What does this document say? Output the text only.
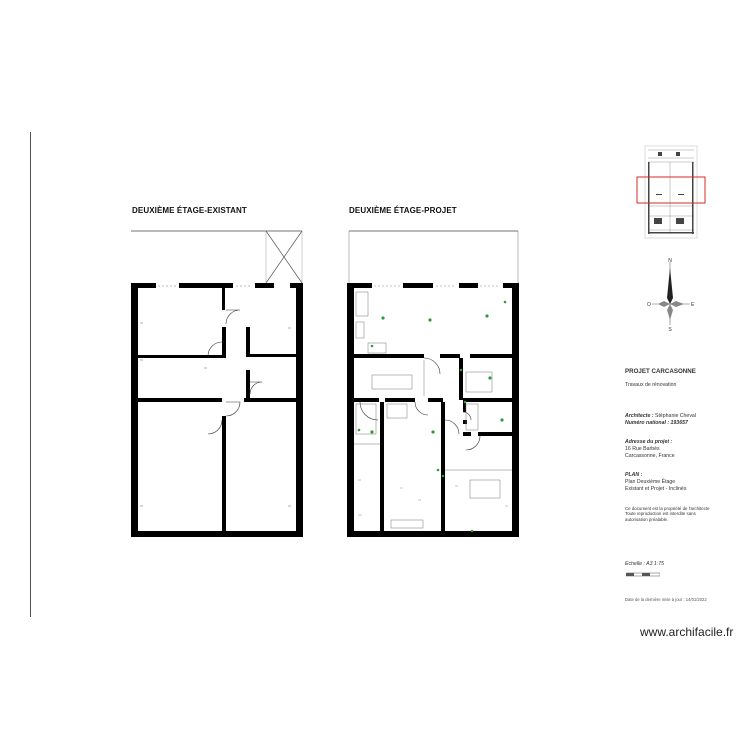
DEUXIÈME ÉTAGE-EXISTANT	DEUXIÈME ÉTAGE-PROJET
N
S
E
O
PROJET CARCASONNE
Travaux de rénovation
Architecte : Stéphanie Cheval
Numéro national : 193657
Adresse du projet :
16 Rue Barbès
Carcassonne, France
PLAN :
Plan Deuxième Étage
Existant et Projet - Inclinés
Ce document est la propriété de l'architecte
Toute reproduction est interdite sans
autorisation préalable.
Echelle : A3 1:75
Date de la dernière mise à jour : 14/01/2022
www.archifacile.fr
